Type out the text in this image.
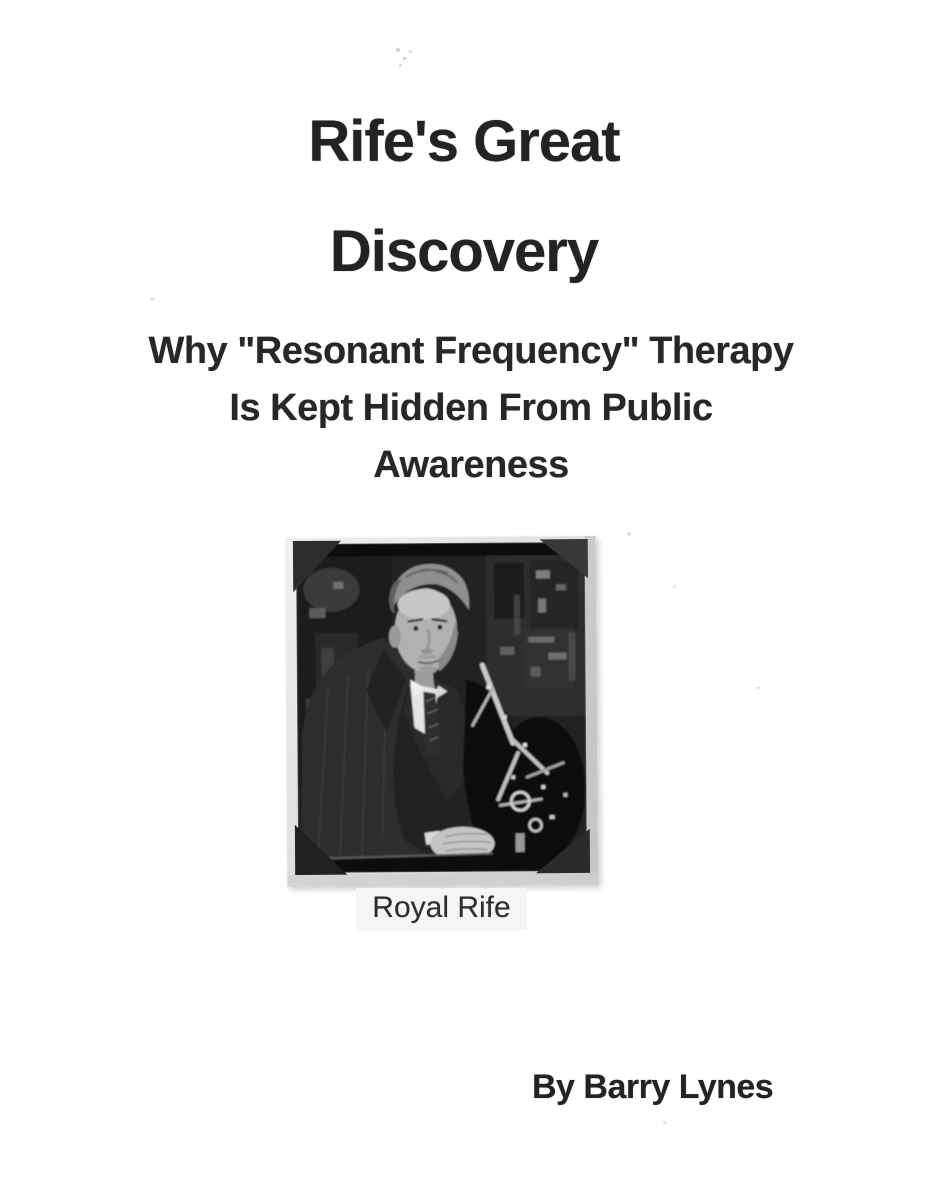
Rife's Great
Discovery
Why "Resonant Frequency" Therapy
Is Kept Hidden From Public
Awareness
Royal Rife
By Barry Lynes
